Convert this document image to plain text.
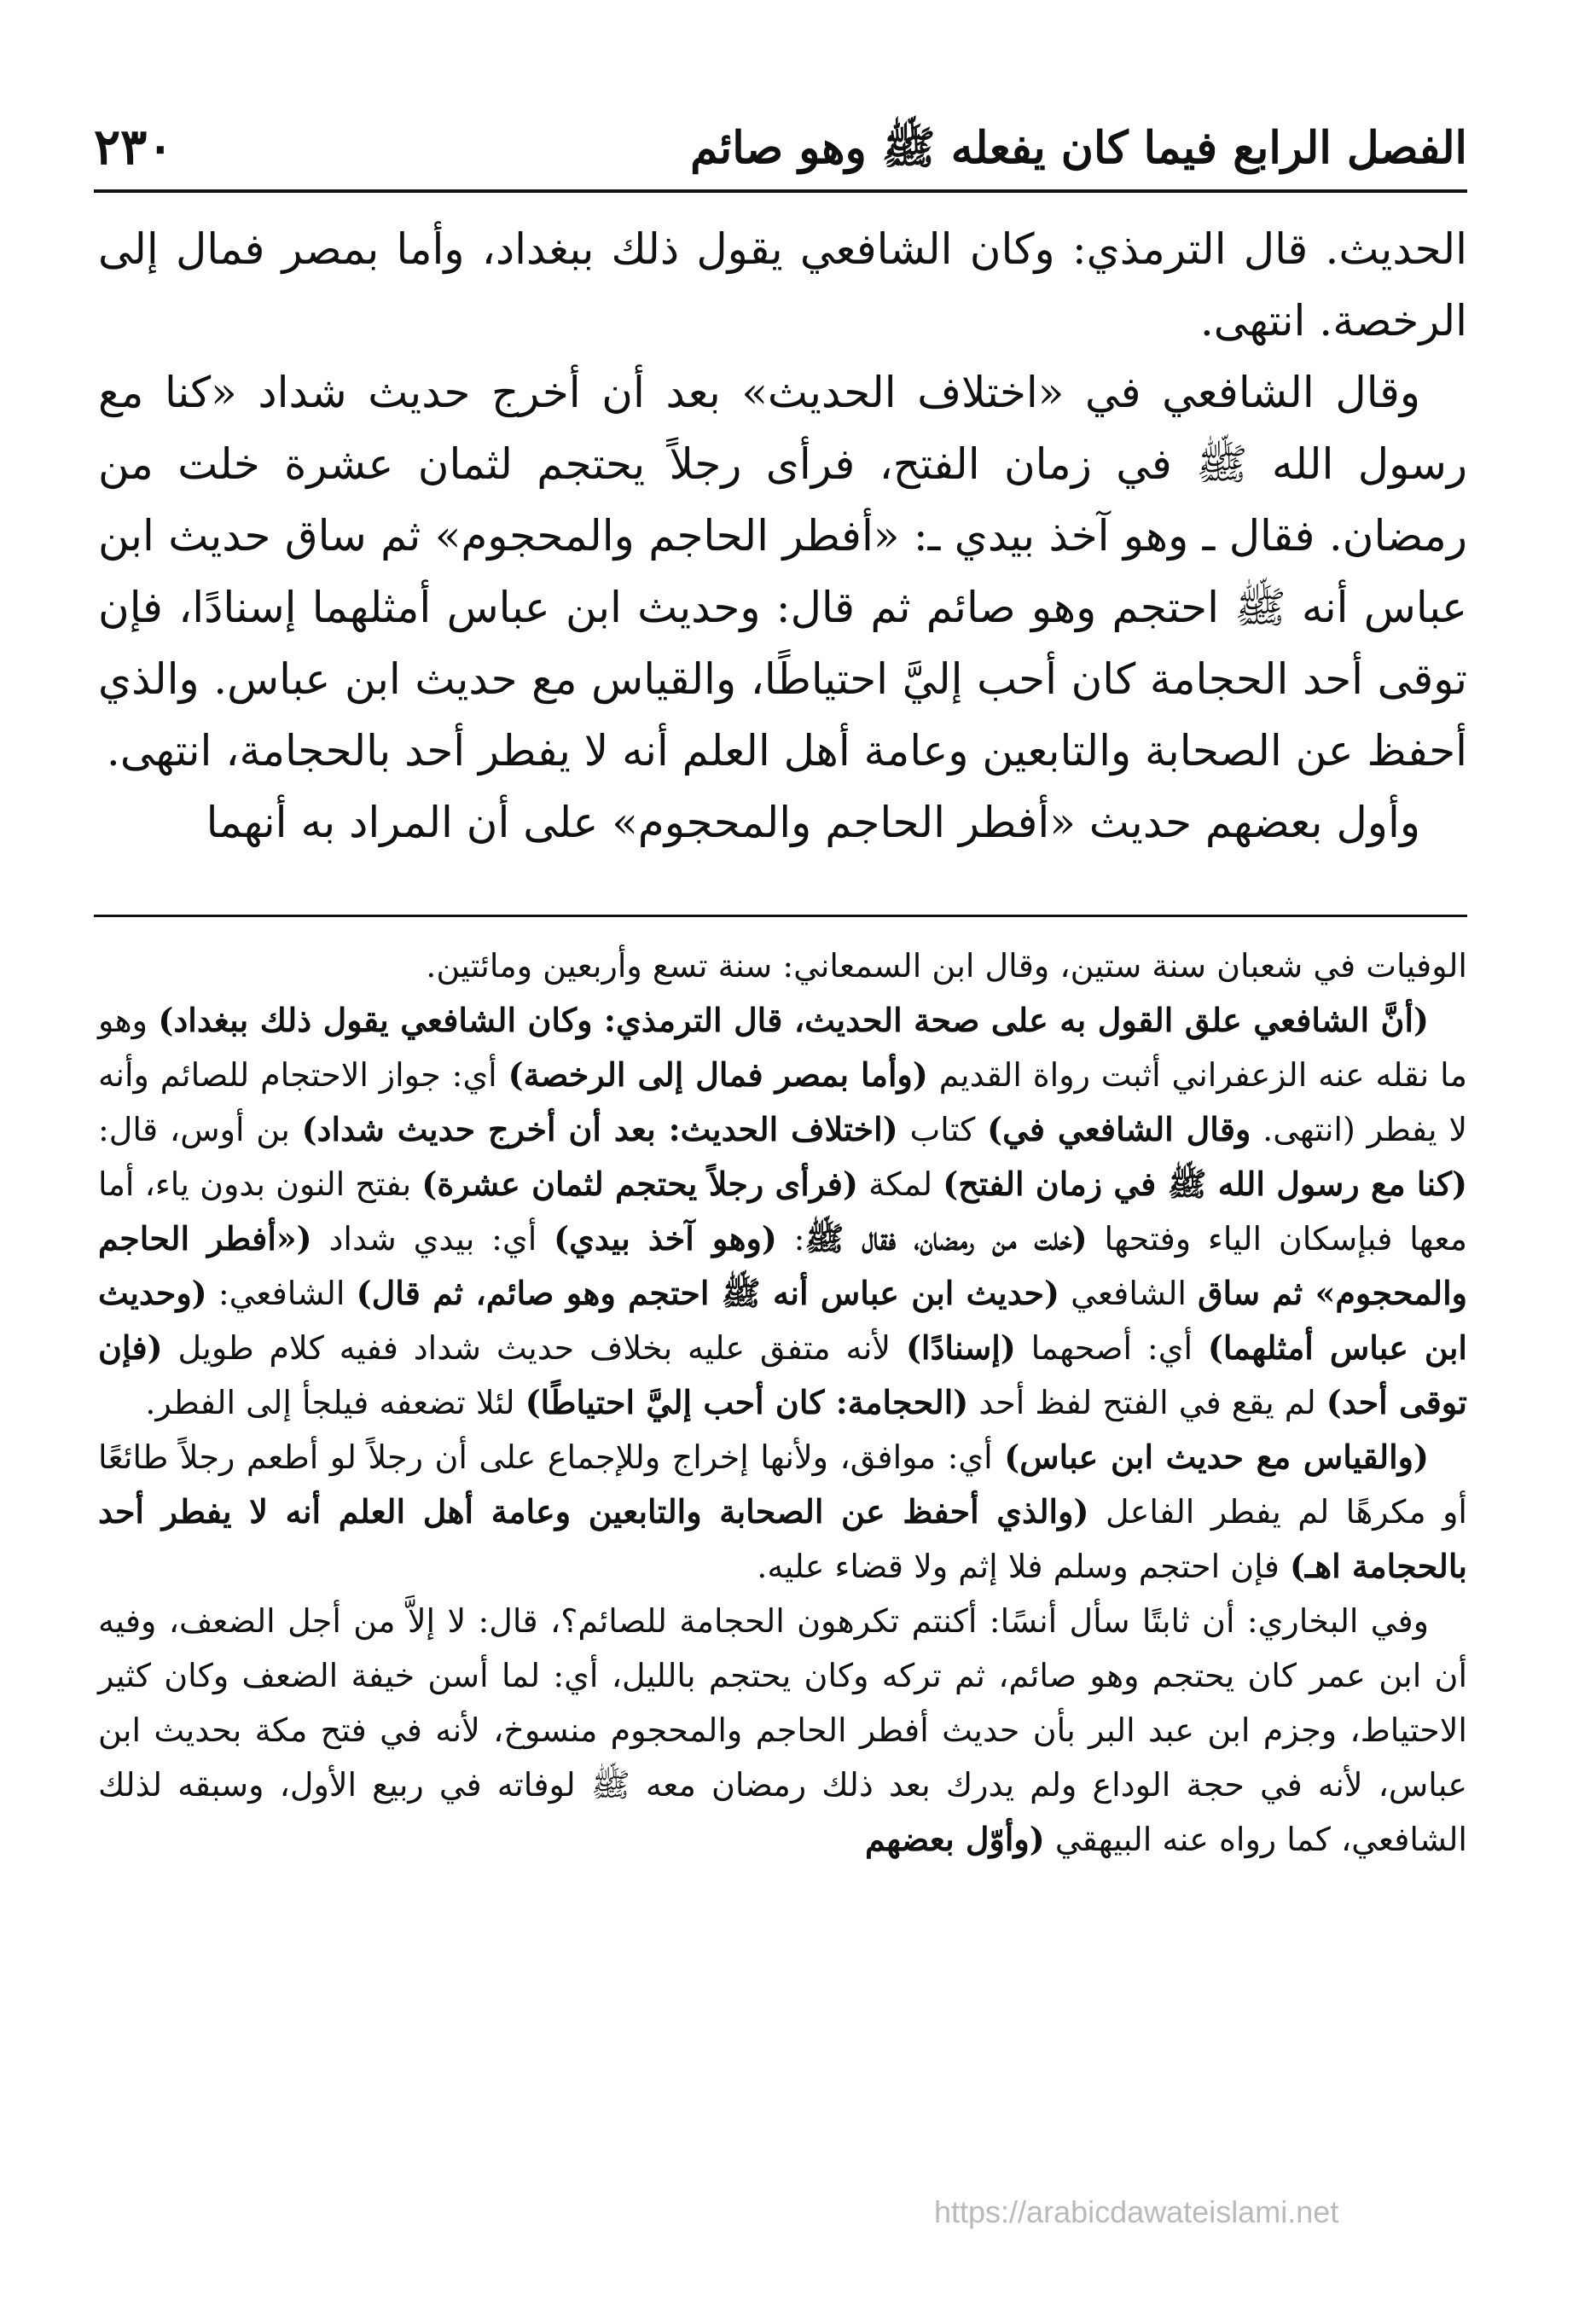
الفصل الرابع فيما كان يفعله ﷺ وهو صائم
٢٣٠

الحديث. قال الترمذي: وكان الشافعي يقول ذلك ببغداد، وأما بمصر فمال إلى الرخصة. انتهى.

وقال الشافعي في «اختلاف الحديث» بعد أن أخرج حديث شداد «كنا مع رسول الله ﷺ في زمان الفتح، فرأى رجلاً يحتجم لثمان عشرة خلت من رمضان. فقال ـ وهو آخذ بيدي ـ: «أفطر الحاجم والمحجوم» ثم ساق حديث ابن عباس أنه ﷺ احتجم وهو صائم ثم قال: وحديث ابن عباس أمثلهما إسنادًا، فإن توقى أحد الحجامة كان أحب إليَّ احتياطًا، والقياس مع حديث ابن عباس. والذي أحفظ عن الصحابة والتابعين وعامة أهل العلم أنه لا يفطر أحد بالحجامة، انتهى.

وأول بعضهم حديث «أفطر الحاجم والمحجوم» على أن المراد به أنهما

الوفيات في شعبان سنة ستين، وقال ابن السمعاني: سنة تسع وأربعين ومائتين.

(أنَّ الشافعي علق القول به على صحة الحديث، قال الترمذي: وكان الشافعي يقول ذلك ببغداد) وهو ما نقله عنه الزعفراني أثبت رواة القديم (وأما بمصر فمال إلى الرخصة) أي: جواز الاحتجام للصائم وأنه لا يفطر (انتهى. وقال الشافعي في) كتاب (اختلاف الحديث: بعد أن أخرج حديث شداد) بن أوس، قال: (كنا مع رسول الله ﷺ في زمان الفتح) لمكة (فرأى رجلاً يحتجم لثمان عشرة) بفتح النون بدون ياء، أما معها فبإسكان الياء وفتحها (خلت من رمضان، فقال ﷺ: (وهو آخذ بيدي) أي: بيدي شداد («أفطر الحاجم والمحجوم» ثم ساق الشافعي (حديث ابن عباس أنه ﷺ احتجم وهو صائم، ثم قال) الشافعي: (وحديث ابن عباس أمثلهما) أي: أصحهما (إسنادًا) لأنه متفق عليه بخلاف حديث شداد ففيه كلام طويل (فإن توقى أحد) لم يقع في الفتح لفظ أحد (الحجامة: كان أحب إليَّ احتياطًا) لئلا تضعفه فيلجأ إلى الفطر.

(والقياس مع حديث ابن عباس) أي: موافق، ولأنها إخراج وللإجماع على أن رجلاً لو أطعم رجلاً طائعًا أو مكرهًا لم يفطر الفاعل (والذي أحفظ عن الصحابة والتابعين وعامة أهل العلم أنه لا يفطر أحد بالحجامة اهـ) فإن احتجم وسلم فلا إثم ولا قضاء عليه.

وفي البخاري: أن ثابتًا سأل أنسًا: أكنتم تكرهون الحجامة للصائم؟، قال: لا إلاَّ من أجل الضعف، وفيه أن ابن عمر كان يحتجم وهو صائم، ثم تركه وكان يحتجم بالليل، أي: لما أسن خيفة الضعف وكان كثير الاحتياط، وجزم ابن عبد البر بأن حديث أفطر الحاجم والمحجوم منسوخ، لأنه في فتح مكة بحديث ابن عباس، لأنه في حجة الوداع ولم يدرك بعد ذلك رمضان معه ﷺ لوفاته في ربيع الأول، وسبقه لذلك الشافعي، كما رواه عنه البيهقي (وأوّل بعضهم

https://arabicdawateislami.net
